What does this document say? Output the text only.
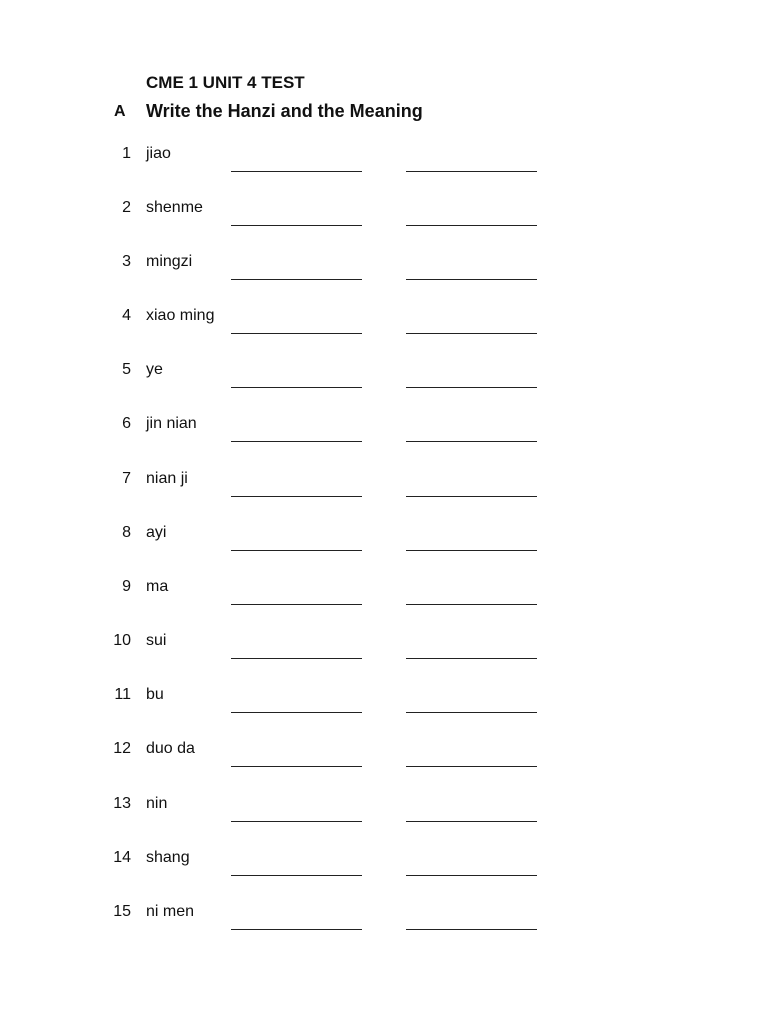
CME 1 UNIT 4 TEST
A Write the Hanzi and the Meaning
1 jiao
2 shenme
3 mingzi
4 xiao ming
5 ye
6 jin nian
7 nian ji
8 ayi
9 ma
10 sui
11 bu
12 duo da
13 nin
14 shang
15 ni men
